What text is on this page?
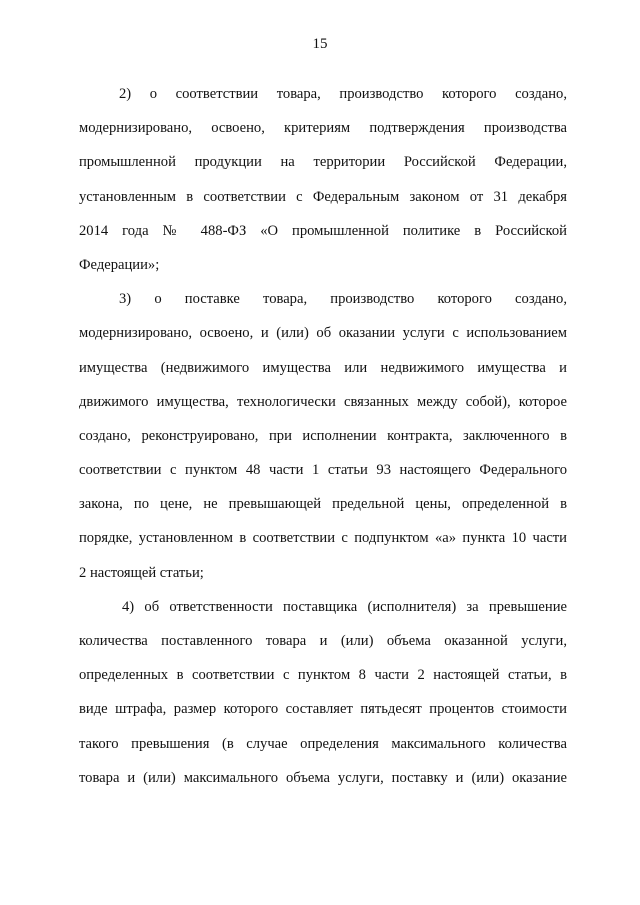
15
2) о соответствии товара, производство которого создано,
модернизировано, освоено, критериям подтверждения производства
промышленной продукции на территории Российской Федерации,
установленным в соответствии с Федеральным законом от 31 декабря
2014 года № 488-ФЗ «О промышленной политике в Российской
Федерации»;
3) о поставке товара, производство которого создано,
модернизировано, освоено, и (или) об оказании услуги с использованием
имущества (недвижимого имущества или недвижимого имущества и
движимого имущества, технологически связанных между собой), которое
создано, реконструировано, при исполнении контракта, заключенного в
соответствии с пунктом 48 части 1 статьи 93 настоящего Федерального
закона, по цене, не превышающей предельной цены, определенной в
порядке, установленном в соответствии с подпунктом «а» пункта 10 части
2 настоящей статьи;
4) об ответственности поставщика (исполнителя) за превышение
количества поставленного товара и (или) объема оказанной услуги,
определенных в соответствии с пунктом 8 части 2 настоящей статьи, в
виде штрафа, размер которого составляет пятьдесят процентов стоимости
такого превышения (в случае определения максимального количества
товара и (или) максимального объема услуги, поставку и (или) оказание
